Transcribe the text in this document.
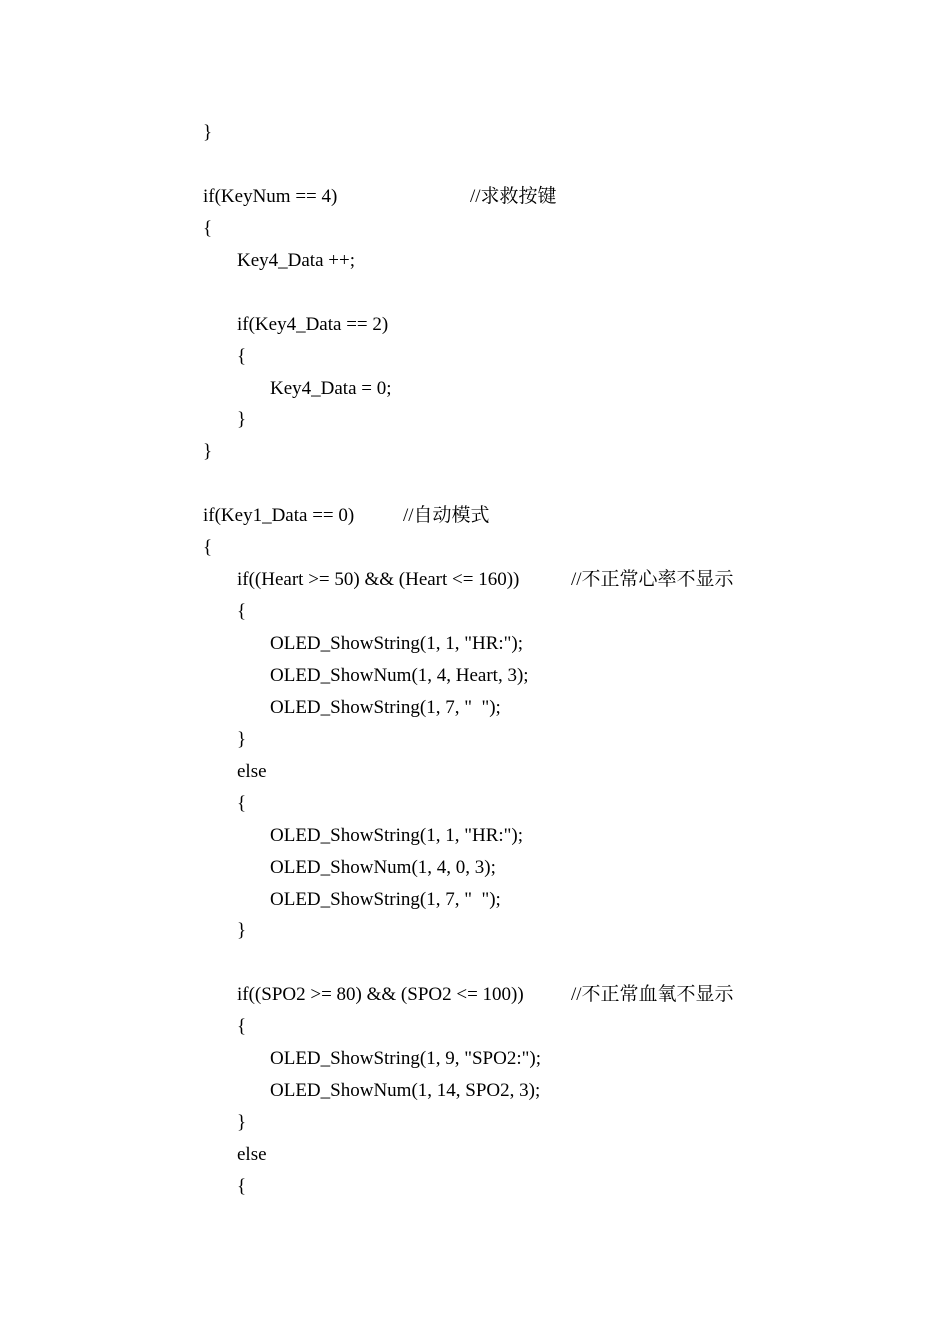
}
if(KeyNum == 4)	//求救按键
{
Key4_Data ++;
if(Key4_Data == 2)
{
Key4_Data = 0;
}
}
if(Key1_Data == 0)	//自动模式
{
if((Heart >= 50) && (Heart <= 160))	//不正常心率不显示
{
OLED_ShowString(1, 1, "HR:");
OLED_ShowNum(1, 4, Heart, 3);
OLED_ShowString(1, 7, "  ");
}
else
{
OLED_ShowString(1, 1, "HR:");
OLED_ShowNum(1, 4, 0, 3);
OLED_ShowString(1, 7, "  ");
}
if((SPO2 >= 80) && (SPO2 <= 100)) //不正常血氧不显示
{
OLED_ShowString(1, 9, "SPO2:");
OLED_ShowNum(1, 14, SPO2, 3);
}
else
{
